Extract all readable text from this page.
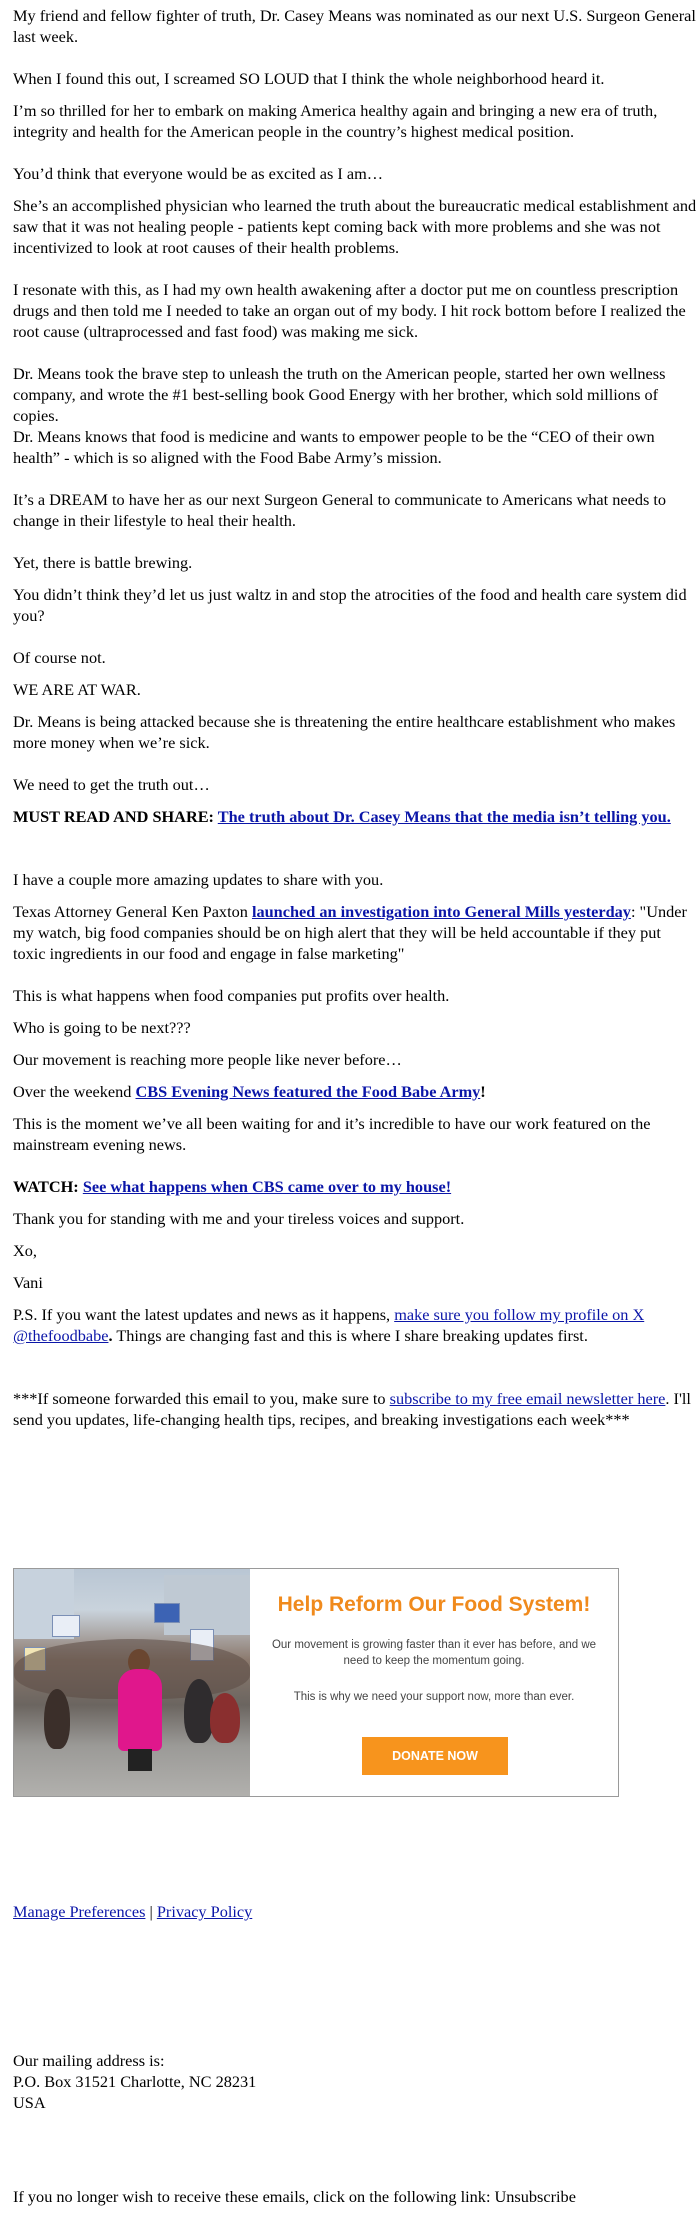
My friend and fellow fighter of truth, Dr. Casey Means was nominated as our next U.S. Surgeon General last week.

When I found this out, I screamed SO LOUD that I think the whole neighborhood heard it.

I’m so thrilled for her to embark on making America healthy again and bringing a new era of truth, integrity and health for the American people in the country’s highest medical position.

You’d think that everyone would be as excited as I am…

She’s an accomplished physician who learned the truth about the bureaucratic medical establishment and saw that it was not healing people - patients kept coming back with more problems and she was not incentivized to look at root causes of their health problems.

I resonate with this, as I had my own health awakening after a doctor put me on countless prescription drugs and then told me I needed to take an organ out of my body. I hit rock bottom before I realized the root cause (ultraprocessed and fast food) was making me sick.

Dr. Means took the brave step to unleash the truth on the American people, started her own wellness company, and wrote the #1 best-selling book Good Energy with her brother, which sold millions of copies.

Dr. Means knows that food is medicine and wants to empower people to be the “CEO of their own health” - which is so aligned with the Food Babe Army’s mission.

It’s a DREAM to have her as our next Surgeon General to communicate to Americans what needs to change in their lifestyle to heal their health.

Yet, there is battle brewing.

You didn’t think they’d let us just waltz in and stop the atrocities of the food and health care system did you?

Of course not.

WE ARE AT WAR.

Dr. Means is being attacked because she is threatening the entire healthcare establishment who makes more money when we’re sick.

We need to get the truth out…

MUST READ AND SHARE: The truth about Dr. Casey Means that the media isn’t telling you.

I have a couple more amazing updates to share with you.

Texas Attorney General Ken Paxton launched an investigation into General Mills yesterday: "Under my watch, big food companies should be on high alert that they will be held accountable if they put toxic ingredients in our food and engage in false marketing"

This is what happens when food companies put profits over health.

Who is going to be next???

Our movement is reaching more people like never before…

Over the weekend CBS Evening News featured the Food Babe Army!

This is the moment we’ve all been waiting for and it’s incredible to have our work featured on the mainstream evening news.

WATCH: See what happens when CBS came over to my house!

Thank you for standing with me and your tireless voices and support.

Xo,

Vani

P.S. If you want the latest updates and news as it happens, make sure you follow my profile on X @thefoodbabe. Things are changing fast and this is where I share breaking updates first.

***If someone forwarded this email to you, make sure to subscribe to my free email newsletter here. I'll send you updates, life-changing health tips, recipes, and breaking investigations each week***

Help Reform Our Food System!
Our movement is growing faster than it ever has before, and we need to keep the momentum going.
This is why we need your support now, more than ever.
DONATE NOW

Manage Preferences | Privacy Policy

Our mailing address is:

P.O. Box 31521 Charlotte, NC 28231

USA

If you no longer wish to receive these emails, click on the following link: Unsubscribe
